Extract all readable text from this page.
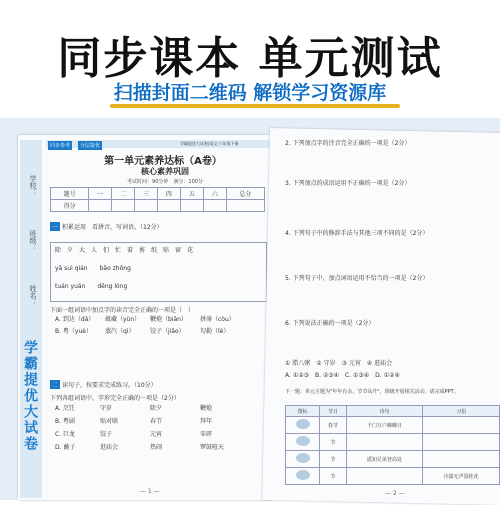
同步课本 单元测试
扫描封面二维码 解锁学习资源库
学霸提优大试卷
学校：
班级：
姓名：
同步参考	分层提优	学霸提优大试卷|语文·六年级下册
第一单元素养达标（A卷）
核心素养巩固
考试时间：90分钟　满分：100分
题号	一	二	三	四	五	六	总分
得分							
一 积累运用　看拼音，写词语。（12分）
除　夕　大　人　们　忙　着　剪　纸　贴　窗　花
yā suì qián　　bǎo zhōng
tuán yuán　　dēng lóng
下面一组词语中加点字的读音完全正确的一项是（　）
A. 到达（dá） 蕴藏（yùn） 鞭炮（biān） 拼凑（còu）
B. 粤（yuè） 蒸汽（qì）	饺子（jiǎo）	勾勒（lè）
二 读句子，按要求完成练习。（10分）
下列各组词语中，字形完全正确的一项是（2分）
A. 烹饪	守岁	除夕	鞭炮
B. 粤剧	贴对联	春节	拜年
C. 巨龙	饺子	元宵	零碎
D. 蘸子	逛庙会	热闹	锣鼓喧天
— 1 —
2. 下列加点字的注音完全正确的一项是（2分）
3. 下列加点的成语运用不正确的一项是（2分）
4. 下列句子中的修辞手法与其他三项不同的是（2分）
5. 下列句子中，加点词语运用不恰当的一项是（2分）
6. 下列说法正确的一项是（2分）
① 腊八粥　② 守岁　③ 元宵　④ 逛庙会
A. ①②③　B. ②③④　C. ①③④　D. ①②④
下一题：单元主题为"年年有余，节节高升"，班级开展相关活动，请完成PPT。
图标	节日	诗句	习俗
	春节	千门万户曈曈日	
	节		
	节	遥知兄弟登高处	
	节		冷露无声湿桂花
— 2 —
